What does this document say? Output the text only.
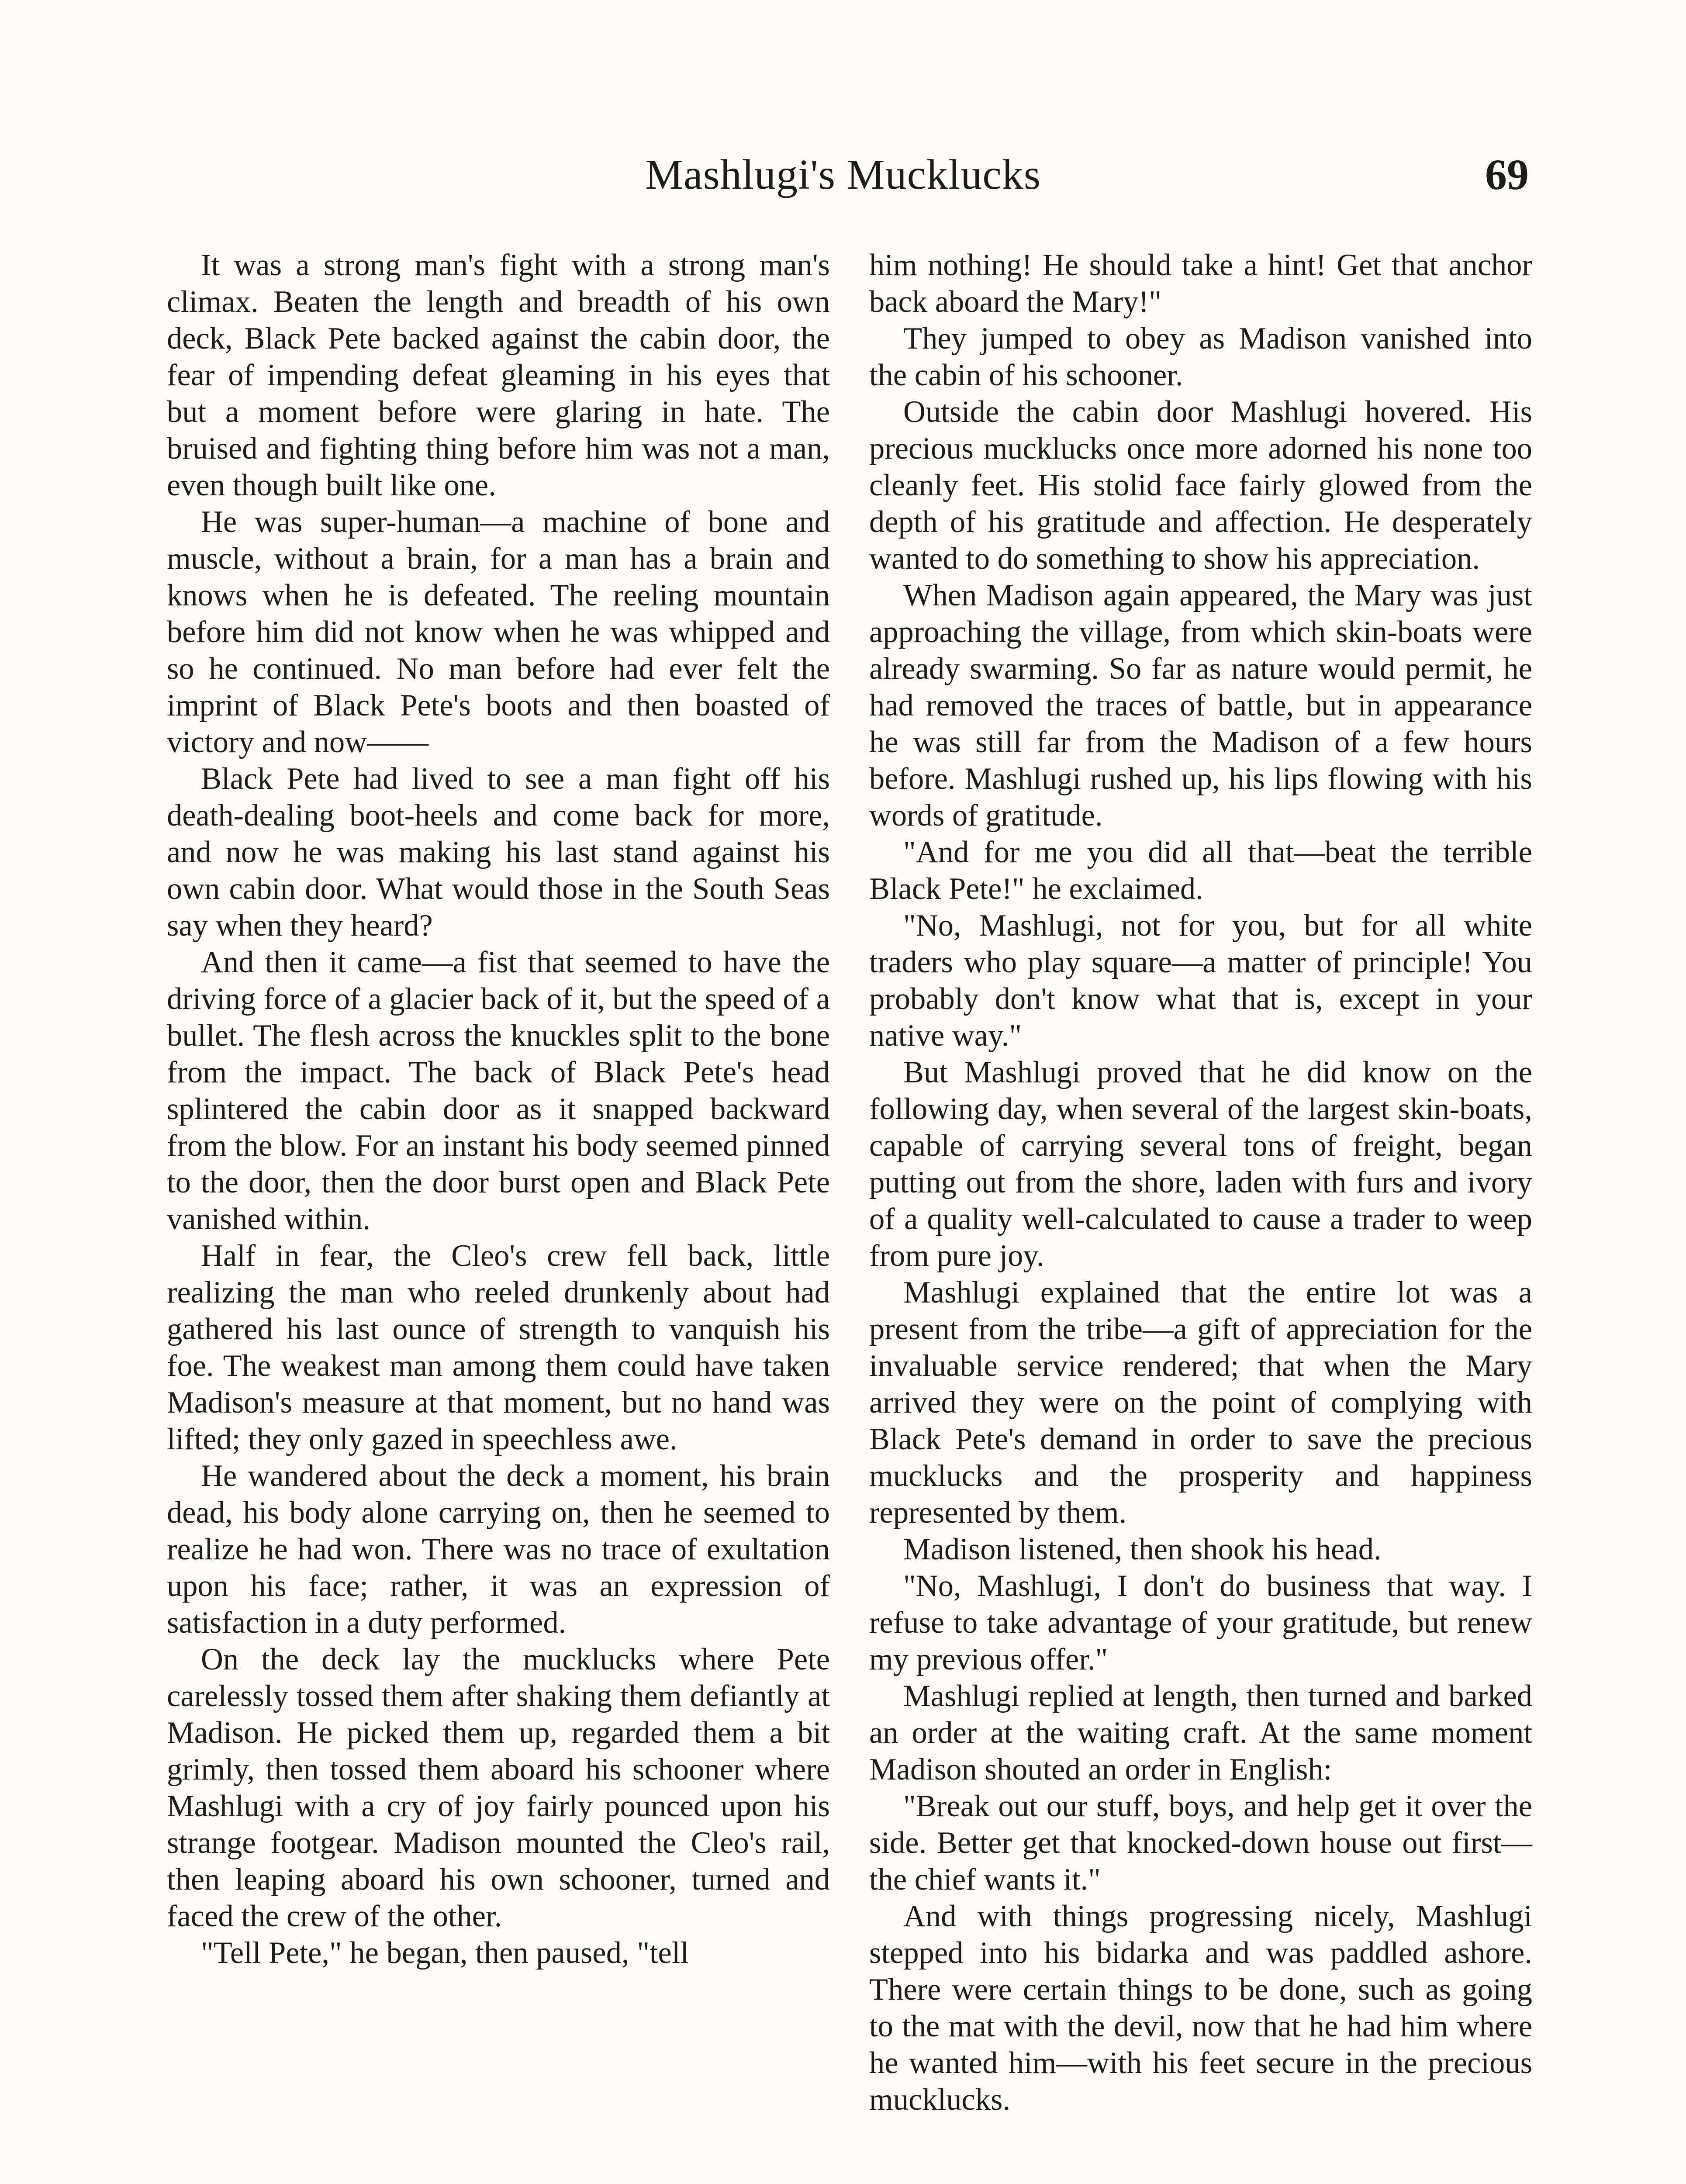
Mashlugi's Mucklucks	69

It was a strong man's fight with a strong man's climax. Beaten the length and breadth of his own deck, Black Pete backed against the cabin door, the fear of impending defeat gleaming in his eyes that but a moment before were glaring in hate. The bruised and fighting thing before him was not a man, even though built like one.

He was super-human—a machine of bone and muscle, without a brain, for a man has a brain and knows when he is defeated. The reeling mountain before him did not know when he was whipped and so he continued. No man before had ever felt the imprint of Black Pete's boots and then boasted of victory and now——

Black Pete had lived to see a man fight off his death-dealing boot-heels and come back for more, and now he was making his last stand against his own cabin door. What would those in the South Seas say when they heard?

And then it came—a fist that seemed to have the driving force of a glacier back of it, but the speed of a bullet. The flesh across the knuckles split to the bone from the impact. The back of Black Pete's head splintered the cabin door as it snapped backward from the blow. For an instant his body seemed pinned to the door, then the door burst open and Black Pete vanished within.

Half in fear, the Cleo's crew fell back, little realizing the man who reeled drunkenly about had gathered his last ounce of strength to vanquish his foe. The weakest man among them could have taken Madison's measure at that moment, but no hand was lifted; they only gazed in speechless awe.

He wandered about the deck a moment, his brain dead, his body alone carrying on, then he seemed to realize he had won. There was no trace of exultation upon his face; rather, it was an expression of satisfaction in a duty performed.

On the deck lay the mucklucks where Pete carelessly tossed them after shaking them defiantly at Madison. He picked them up, regarded them a bit grimly, then tossed them aboard his schooner where Mashlugi with a cry of joy fairly pounced upon his strange footgear. Madison mounted the Cleo's rail, then leaping aboard his own schooner, turned and faced the crew of the other.

"Tell Pete," he began, then paused, "tell

him nothing! He should take a hint! Get that anchor back aboard the Mary!"

They jumped to obey as Madison vanished into the cabin of his schooner.

Outside the cabin door Mashlugi hovered. His precious mucklucks once more adorned his none too cleanly feet. His stolid face fairly glowed from the depth of his gratitude and affection. He desperately wanted to do something to show his appreciation.

When Madison again appeared, the Mary was just approaching the village, from which skin-boats were already swarming. So far as nature would permit, he had removed the traces of battle, but in appearance he was still far from the Madison of a few hours before. Mashlugi rushed up, his lips flowing with his words of gratitude.

"And for me you did all that—beat the terrible Black Pete!" he exclaimed.

"No, Mashlugi, not for you, but for all white traders who play square—a matter of principle! You probably don't know what that is, except in your native way."

But Mashlugi proved that he did know on the following day, when several of the largest skin-boats, capable of carrying several tons of freight, began putting out from the shore, laden with furs and ivory of a quality well-calculated to cause a trader to weep from pure joy.

Mashlugi explained that the entire lot was a present from the tribe—a gift of appreciation for the invaluable service rendered; that when the Mary arrived they were on the point of complying with Black Pete's demand in order to save the precious mucklucks and the prosperity and happiness represented by them.

Madison listened, then shook his head.

"No, Mashlugi, I don't do business that way. I refuse to take advantage of your gratitude, but renew my previous offer."

Mashlugi replied at length, then turned and barked an order at the waiting craft. At the same moment Madison shouted an order in English:

"Break out our stuff, boys, and help get it over the side. Better get that knocked-down house out first—the chief wants it."

And with things progressing nicely, Mashlugi stepped into his bidarka and was paddled ashore. There were certain things to be done, such as going to the mat with the devil, now that he had him where he wanted him—with his feet secure in the precious mucklucks.
